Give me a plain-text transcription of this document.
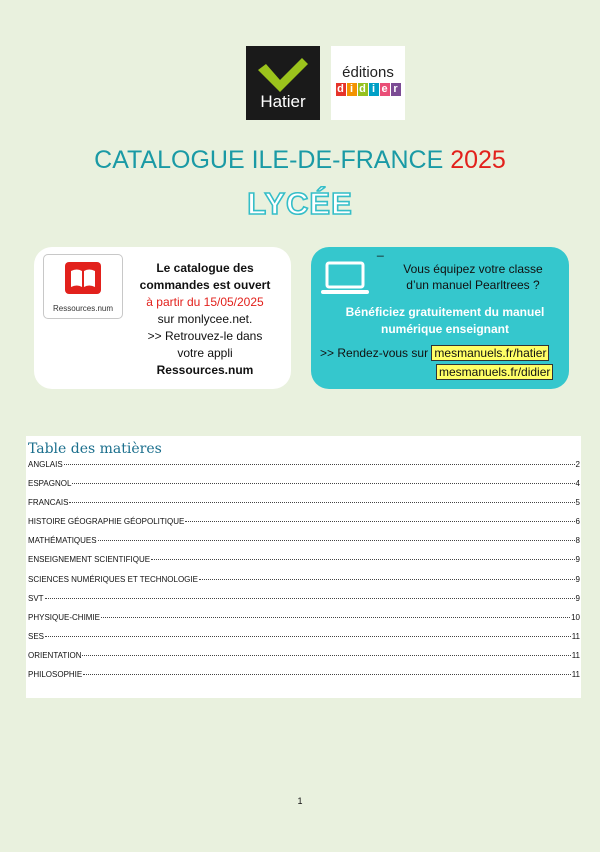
Hatier
éditions
d i d i e r
CATALOGUE ILE-DE-FRANCE 2025
LYCÉE
Ressources.num
Le catalogue des
commandes est ouvert
à partir du 15/05/2025
sur monlycee.net.
>> Retrouvez-le dans
votre appli
Ressources.num
_
Vous équipez votre classe
d’un manuel Pearltrees ?
Bénéficiez gratuitement du manuel
numérique enseignant
>> Rendez-vous sur mesmanuels.fr/hatier
mesmanuels.fr/didier
Table des matières
ANGLAIS	2
ESPAGNOL	4
FRANCAIS	5
HISTOIRE GÉOGRAPHIE GÉOPOLITIQUE	6
MATHÉMATIQUES	8
ENSEIGNEMENT SCIENTIFIQUE	9
SCIENCES NUMÉRIQUES ET TECHNOLOGIE	9
SVT	9
PHYSIQUE-CHIMIE	10
SES	11
ORIENTATION	11
PHILOSOPHIE	11
1
